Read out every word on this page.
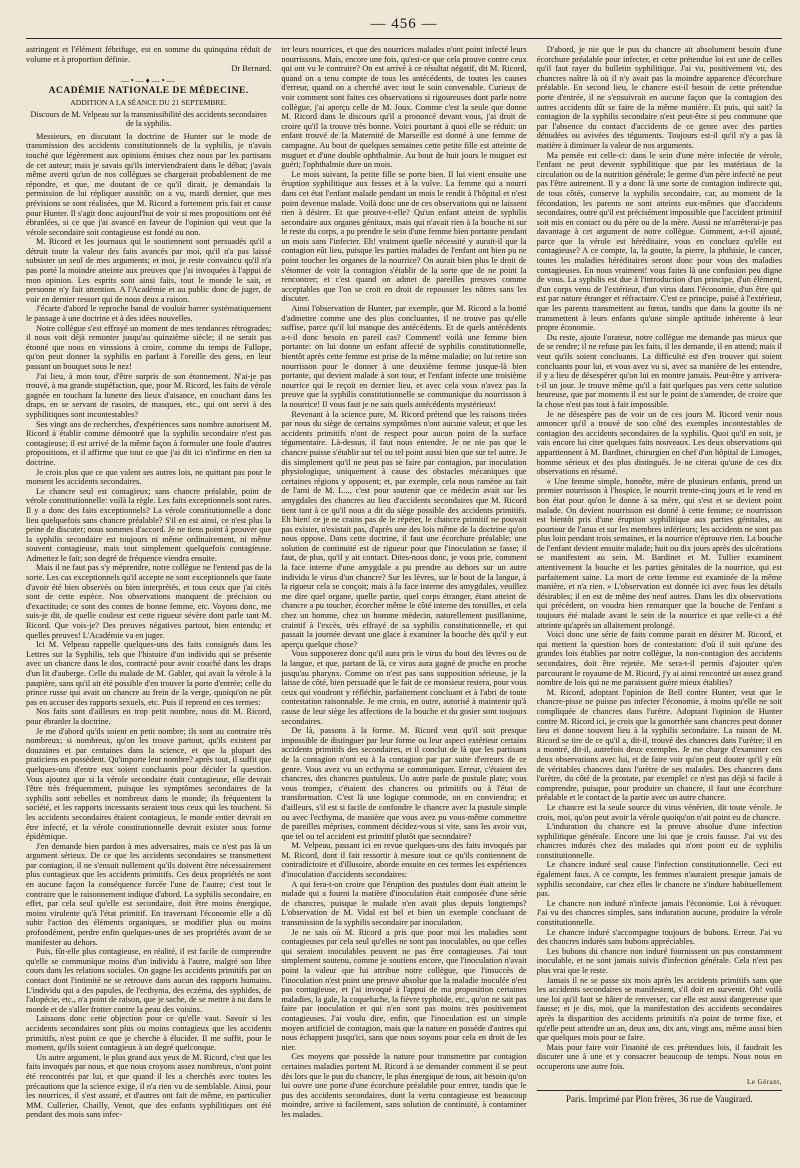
— 456 —

astringent et l'élément fébrifuge, est en somme du quinquina réduit de volume et à proportion définie.

Dr Bernard.
—•—♦—•—
ACADÉMIE NATIONALE DE MÉDECINE.
ADDITION A LA SÉANCE DU 21 SEPTEMBRE.
Discours de M. Velpeau sur la transmissibilité des accidents secondaires de la syphilis.

Messieurs, en discutant la doctrine de Hunter sur le mode de transmission des accidents constitutionnels de la syphilis, je n'avais touché que légèrement aux opinions émises chez nous par les partisans de cet auteur; mais je savais qu'ils interviendraient dans le débat; j'avais même averti qu'un de nos collègues se chargerait probablement de me répondre, et que, me doutant de ce qu'il dirait, je demandais la permission de lui répliquer aussitôt: on a vu, mardi dernier, que mes prévisions se sont réalisées, que M. Ricord a fortement pris fait et cause pour Hunter. Il s'agit donc aujourd'hui de voir si mes propositions ont été ébranlées, si ce que j'ai avancé en faveur de l'opinion qui veut que la vérole secondaire soit contagieuse est fondé ou non.

M. Ricord et les journaux qui le soutiennent sont persuadés qu'il a détruit toute la valeur des faits avancés par moi, qu'il n'a pas laissé subsister un seul de mes arguments; et moi, je reste convaincu qu'il n'a pas porté la moindre atteinte aux preuves que j'ai invoquées à l'appui de mon opinion. Les esprits sont ainsi faits, tout le monde le sait, et personne n'y fait attention. A l'Académie et au public donc de juger, de voir en dernier ressort qui de nous deux a raison.

J'écarte d'abord le reproche banal de vouloir barrer systématiquement le passage à une doctrine et à des idées nouvelles.

Notre collègue s'est effrayé un moment de mes tendances rétrogrades; il nous voit déjà remonter jusqu'au quinzième siècle; il ne serait pas étonné que nous en vinssions à croire, comme du temps de Fallope, qu'on peut donner la syphilis en parlant à l'oreille des gens, en leur passant un bouquet sous le nez!

J'ai lieu, à mon tour, d'être surpris de son étonnement. N'ai-je pas trouvé, à ma grande stupéfaction, que, pour M. Ricord, les faits de vérole gagnée en touchant la lunette des lieux d'aisance, en couchant dans les draps, en se servant de rasoirs, de masques, etc., qui ont servi à des syphilitiques sont incontestables?

Ses vingt ans de recherches, d'expériences sans nombre autorisent M. Ricord à établir comme démontré que la syphilis secondaire n'est pas contagieuse; il est arrivé de la même façon à formuler une foule d'autres propositions, et il affirme que tout ce que j'ai dit ici n'infirme en rien sa doctrine.

Je crois plus que ce que valent ses autres lois, ne quittant pas pour le moment les accidents secondaires.

Le chancre seul est contagieux; sans chancre préalable, point de vérole constitutionnelle: voilà la règle. Les faits exceptionnels sont rares. Il y a donc des faits exceptionnels? La vérole constitutionnelle a donc lieu quelquefois sans chancre préalable? S'il en est ainsi, ce n'est plus la peine de discuter; nous sommes d'accord. Je ne tiens point à prouver que la syphilis secondaire est toujours ni même ordinairement, ni même souvent contagieuse, mais tout simplement quelquefois contagieuse. Admettez le fait; son degré de fréquence viendra ensuite.

Mais il ne faut pas s'y méprendre, notre collègue ne l'entend pas de la sorte. Les cas exceptionnels qu'il accepte ne sont exceptionnels que faute d'avoir été bien observés ou bien interprétés, et tous ceux que j'ai cités sont de cette espèce. Nos observations manquent de précision ou d'exactitude; ce sont des contes de bonne femme, etc. Voyons donc, me suis-je dit, de quelle couleur est cette rigueur sévère dont parle tant M. Ricord. Que vois-je? Des preuves négatives partout, bien entendu; et quelles preuves! L'Académie va en juger.

Ici M. Velpeau rappelle quelques-uns des faits consignés dans les Lettres sur la Syphilis, tels que l'histoire d'un individu qui se présente avec un chancre dans le dos, contracté pour avoir couché dans les draps d'un lit d'auberge. Celle du malade de M. Gabler, qui avait la vérole à la paupière, sans qu'il ait été possible d'en trouver la porte d'entrée; celle du prince russe qui avait un chancre au frein de la verge, quoiqu'on ne pût pas en accuser des rapports sexuels, etc. Puis il reprend en ces termes:

Nos faits sont d'ailleurs en trop petit nombre, nous dit M. Ricord, pour ébranler la doctrine.

Je me d'abord qu'ils soient en petit nombre; ils sont au contraire très nombreux; si nombreux, qu'on les trouve partout, qu'ils existent par douzaines et par centaines dans la science, et que la plupart des praticiens en possèdent. Qu'importe leur nombre? après tout, il suffit que quelques-uns d'entre eux soient concluants pour décider la question. Vous ajoutez que si la vérole secondaire était contagieuse, elle devrait l'être très fréquemment, puisque les symptômes secondaires de la syphilis sont rebelles et nombreux dans le monde; ils fréquentent la société, et les rapports incessants seraient tous ceux qui les touchent. Si les accidents secondaires étaient contagieux, le monde entier devrait en être infecté, et la vérole constitutionnelle devrait exister sous forme épidémique.

J'en demande bien pardon à mes adversaires, mais ce n'est pas là un argument sérieux. De ce que les accidents secondaires se transmettent par contagion, il ne s'ensuit nullement qu'ils doivent être nécessairement plus contagieux que les accidents primitifs. Ces deux propriétés ne sont en aucune façon la conséquence forcée l'une de l'autre; c'est tout le contraire que le raisonnement indique d'abord. La syphilis secondaire, en effet, par cela seul qu'elle est secondaire, doit être moins énergique, moins virulente qu'à l'état primitif. En traversant l'économie elle a dû subir l'action des éléments organiques, se modifier plus ou moins profondément, perdre enfin quelques-unes de ses propriétés avant de se manifester au dehors.

Puis, fût-elle plus contagieuse, en réalité, il est facile de comprendre qu'elle se communique moins d'un individu à l'autre, malgré son libre cours dans les relations sociales. On gagne les accidents primitifs par un contact dont l'intimité ne se retrouve dans aucun des rapports humains. L'individu qui a des papules, de l'ecthyma, des eczéma, des syphides, de l'alopécie, etc., n'a point de raison, que je sache, de se mettre à nu dans le monde et de s'aller frotter contre la peau des voisins.

Laissons donc cette objection pour ce qu'elle vaut. Savoir si les accidents secondaires sont plus ou moins contagieux que les accidents primitifs, n'est point ce que je cherche à élucider. Il me suffit, pour le moment, qu'ils soient contagieux à un degré quelconque.

Un autre argument, le plus grand aux yeux de M. Ricord, c'est que les faits invoqués par nous, et que nous croyons assez nombreux, n'ont point été rencontrés par lui, et que quand il les a cherchés avec toutes les précautions que la science exige, il n'a rien vu de semblable. Ainsi, pour les nourrices, il s'est assuré, et d'autres ont fait de même, en particulier MM. Cullerier, Chailly, Venot, que des enfants syphilitiques ont été pendant des mois sans infec-

ter leurs nourrices, et que des nourrices malades n'ont point infecté leurs nourrissons. Mais, encore une fois, qu'est-ce que cela prouve contre ceux qui ont vu le contraire? On est arrivé à ce résultat négatif, dit M. Ricord, quand on a tenu compte de tous les antécédents, de toutes les causes d'erreur, quand on a cherché avec tout le soin convenable. Curieux de voir comment sont faites ces observations si rigoureuses dont parle notre collègue, j'ai aperçu celle de M. Joux. Comme c'est la seule que donne M. Ricord dans le discours qu'il a prononcé devant vous, j'ai droit de croire qu'il la trouve très bonne. Voici pourtant à quoi elle se réduit: un enfant trouvé de la Maternité de Marseille est donné à une femme de campagne. Au bout de quelques semaines cette petite fille est atteinte de muguet et d'une double ophthalmie. Au bout de huit jours le muguet est guéri; l'ophthalmie dure un mois.

Le mois suivant, la petite fille se porte bien. Il lui vient ensuite une éruption syphilitique aux fesses et à la vulve. La femme qui a nourri dans cet état l'enfant malade pendant un mois le rendit à l'hôpital et n'est point devenue malade. Voilà donc une de ces observations qui ne laissent rien à désirer. Et que prouve-t-elle? Qu'un enfant atteint de syphilis secondaire aux organes génitaux, mais qui n'avait rien à la bouche ni sur le reste du corps, a pu prendre le sein d'une femme bien portante pendant un mois sans l'infecter. Eh! vraiment quelle nécessité y aurait-il que la contagion eût lieu, puisque les parties malades de l'enfant ont bien pu ne point toucher les organes de la nourrice? On aurait bien plus le droit de s'étonner de voir la contagion s'établir de la sorte que de ne point la rencontrer; et c'est quand on admet de pareilles preuves comme acceptables que l'on se croit en droit de repousser les nôtres sans les discuter.

Ainsi l'observation de Hunter, par exemple, que M. Ricord a la bonté d'admettre comme une des plus concluantes, il ne trouve pas qu'elle suffise, parce qu'il lui manque des antécédents. Et de quels antécédents a-t-il donc besoin en pareil cas? Comment! voilà une femme bien portante: on lui donne un enfant affecté de syphilis constitutionnelle, bientôt après cette femme est prise de la même maladie; on lui retire son nourrisson pour le donner à une deuxième femme jusque-là bien portante, qui devient malade à son tour, et l'enfant infecte une troisième nourrice qui le reçoit en dernier lieu, et avec cela vous n'avez pas la preuve que la syphilis constitutionnelle se communique du nourrisson à la nourrice! Il vous faut je ne sais quels antécédents mystérieux!

Revenant à la science pure, M. Ricord prétend que les raisons tirées par nous du siège de certains symptômes n'ont aucune valeur, et que les accidents primitifs n'ont de respect pour aucun point de la surface tégumentaire. Là-dessus, il faut nous entendre. Je ne nie pas que le chancre puisse s'établir sur tel ou tel point aussi bien que sur tel autre. Je dis simplement qu'il ne peut pas se faire par contagion, par inoculation physiologique, uniquement à cause des obstacles mécaniques que certaines régions y opposent; et, par exemple, cela nous ramène au fait de l'ami de M. L..., c'est pour soutenir que ce médecin avait sur les amygdales des chancres au lieu d'accidents secondaires que M. Ricord tient tant à ce qu'il nous a dit du siège possible des accidents primitifs. Eh bien! ce je ne crains pas de le répéter, le chancre primitif ne pouvait pas exister, n'existait pas, d'après une des lois même de la doctrine qu'on nous oppose. Dans cette doctrine, il faut une écorchure préalable; une solution de continuité est de rigueur pour que l'inoculation se fasse; il faut, de plus, qu'il y ait contact. Dites-nous donc, je vous prie, comment la face interne d'une amygdale a pu prendre au dehors sur un autre individu le virus d'un chancre? Sur les lèvres, sur le bout de la langue, à la rigueur cela se conçoit; mais à la face interne des amygdales, veuillez me dire quel organe, quelle partie, quel corps étranger, étant atteint de chancre a pu toucher, écorcher même le côté interne des tonsilles, et cela chez un homme, chez un homme médecin, naturellement pusillanime, craintif à l'excès, très effrayé de sa syphilis constitutionnelle, et qui passait la journée devant une glace à examiner la bouche dès qu'il y eut aperçu quelque chose?

Vous supposerez donc qu'il aura pris le virus du bout des lèvres ou de la langue, et que, partant de là, ce virus aura gagné de proche en proche jusqu'au pharynx. Comme on n'est pas sans supposition sérieuse, je la laisse de côté, bien persuadé que le fait de ce monsieur restera, pour vous ceux qui voudront y réfléchir, parfaitement concluant et à l'abri de toute contestation raisonnable. Je me crois, en outre, autorisé à maintenir qu'à cause de leur siège les affections de la bouche et du gosier sont toujours secondaires.

De là, passons à la forme. M. Ricord veut qu'il soit presque impossible de distinguer par leur forme ou leur aspect extérieur certains accidents primitifs des secondaires, et il conclut de là que les partisans de la contagion n'ont eu à la contagion par par suite d'erreurs de ce genre. Vous avez vu un ecthyma se communiquer. Erreur, c'étaient des chancres, des chancres pustuleux. Un autre parle de pustule plate; vous vous trompez, c'étaient des chancres ou primitifs ou à l'état de transformation. C'est là une logique commode, on en conviendra; et d'ailleurs, s'il est si facile de confondre le chancre avec la pustule simple ou avec l'ecthyma, de manière que vous avez pu vous-même commettre de pareilles méprises, comment décidez-vous si vite, sans les avoir vus, que tel ou tel accident est primitif plutôt que secondaire?

M. Velpeau, passant ici en revue quelques-uns des faits invoqués par M. Ricord, dont il fait ressortir à mesure tout ce qu'ils contiennent de contradictoire et d'illusoire, aborde ensuite en ces termes les expériences d'inoculation d'accidents secondaires:

A qui fera-t-on croire que l'éruption des pustules dont était atteint le malade qui a fourni la matière d'inoculation était composée d'une série de chancres, puisque le malade n'en avait plus depuis longtemps? L'observation de M. Vidal est bel et bien un exemple concluant de transmission de la syphilis secondaire par inoculation.

Je ne sais où M. Ricord a pris que pour moi les maladies sont contagieuses par cela seul qu'elles ne sont pas inoculables, ou que celles qui seraient inoculables peuvent ne pas être contagieuses. J'ai tout simplement soutenu, comme je soutiens encore, que l'inoculation n'avait point la valeur que lui attribue notre collègue, que l'insuccès de l'inoculation n'est point une preuve absolue que la maladie inoculée n'est pas contagieuse, et j'ai invoqué à l'appui de ma proposition certaines maladies, la gale, la coqueluche, la fièvre typhoïde, etc., qu'on ne sait pas faire par inoculation et qui n'en sont pas moins très positivement contagieuses. J'ai voulu dire, enfin, que l'inoculation est un simple moyen artificiel de contagion, mais que la nature en possède d'autres qui nous échappent jusqu'ici, sans que nous soyons pour cela en droit de les nier.

Ces moyens que possède la nature pour transmettre par contagion certaines maladies portent M. Ricord à se demander comment il se peut dès lors que le pus du chancre, le plus énergique de tous, ait besoin qu'on lui ouvre une porte d'une écorchure préalable pour entrer, tandis que le pus des accidents secondaires, dont la vertu contagieuse est beaucoup moindre, arrive si facilement, sans solution de continuité, à contaminer les malades.

D'abord, je nie que le pus du chancre ait absolument besoin d'une écorchure préalable pour infecter, et cette prétendue loi est une de celles qu'il faut rayer du bulletin syphilitique. J'ai vu, positivement vu, des chancres naître là où il n'y avait pas la moindre apparence d'écorchure préalable. En second lieu, le chancre est-il besoin de cette prétendue porte d'entrée, il ne s'ensuivrait en aucune façon que la contagion des autres accidents dût se faire de la même manière. Et puis, qui sait? la contagion de la syphilis secondaire n'est peut-être si peu commune que par l'absence du contact d'accidents de ce genre avec des parties dénudées ou avivées des téguments. Toujours est-il qu'il n'y a pas là matière à diminuer la valeur de nos arguments.

Ma pensée est celle-ci: dans le sein d'une mère infectée de vérole, l'enfant ne peut devenir syphilitique que par les matériaux de la circulation ou de la nutrition générale; le germe d'un père infecté ne peut pas l'être autrement. Il y a donc là une sorte de contagion indirecte qui, de tous côtés, conserve la syphilis secondaire, car, au moment de la fécondation, les parents ne sont atteints eux-mêmes que d'accidents secondaires, outre qu'il est précisément impossible que l'accident primitif soit mis en contact ou du père ou de la mère. Aussi ne m'arrêterai-je pas davantage à cet argument de notre collègue. Comment, a-t-il ajouté, parce que la vérole est héréditaire, vous en concluez qu'elle est contagieuse? A ce compte, la, la goutte, la pierre, la phthisie, le cancer, toutes les maladies héréditaires seront donc pour vous des maladies contagieuses. En nous vraiment! vous faites là une confusion peu digne de vous. La syphilis est due à l'introduction d'un principe, d'un élément, d'un corps venu de l'extérieur, d'un virus dans l'économie, d'un être qui est par nature étranger et réfractaire. C'est ce principe, puisé à l'extérieur, que les parents transmettent au fœtus, tandis que dans la goutte ils ne transmettent à leurs enfants qu'une simple aptitude inhérente à leur propre économie.

Du reste, ajoute l'orateur, notre collègue me demande pas mieux que de se rendre; il ne refuse pas les faits, il les demande, il en attend; mais il veut qu'ils soient concluants. La difficulté est d'en trouver qui soient concluants pour lui, et vous avez vu si, avec sa manière de les entendre, il y a lieu de désespérer qu'on lui en montre jamais. Peut-être y arrivera-t-il un jour. Je trouve même qu'il a fait quelques pas vers cette solution heureuse, que par moments il est sur le point de s'amender, de croire que la chose n'est pas tout à fait impossible.

Je ne désespère pas de voir un de ces jours M. Ricord venir nous annoncer qu'il a trouvé de son côté des exemples incontestables de contagion des accidents secondaires de la syphilis. Quoi qu'il en soit, je vais encore lui citer quelques faits nouveaux. Les deux observations qui appartiennent à M. Bardinet, chirurgien en chef d'un hôpital de Limoges, homme sérieux et des plus distingués. Je ne citerai qu'une de ces dix observations en résumé.

« Une femme simple, honnête, mère de plusieurs enfants, prend un premier nourrisson à l'hospice, le nourrit trente-cinq jours et le rend en bon état pour qu'on le donne à sa mère, qui s'est et se devient point malade. On devient nourrisson est donné à cette femme; ce nourrisson est bientôt pris d'une éruption syphilitique aux parties génitales, au pourtour de l'anus et sur les membres inférieurs; les accidents ne sont pas plus loin pendant trois semaines, et la nourrice n'éprouve rien. La bouche de l'enfant devient ensuite malade; huit ou dix jours après des ulcérations se manifestent au sein. M. Bardinet et M. Tullier examinent attentivement la bouche et les parties génitales de la nourrice, qui est parfaitement saine. La mort de cette femme est examinée de la même manière, et n'a rien. » L'observation est donnée ici avec fous les détails désirables; il en est de même des neuf autres. Dans les dix observations qui précèdent, on voudra bien remarquer que la bouche de l'enfant a toujours été malade avant le sein de la nourrice et que celle-ci a été atteinte qu'après un allaitement prolongé.

Voici donc une série de faits comme parait en désirer M. Ricord, et qui mettent la question hors de contestation: d'où il suit qu'une des grandes lois établies par notre collègue, la non-contagion des accidents secondaires, doit être rejetée. Me sera-t-il permis d'ajouter qu'en parcourant le royaume de M. Ricord, j'y ai ainsi rencontré un assez grand nombre de lois qui ne me paraissent guère mieux établies?

M. Ricord, adoptant l'opinion de Bell contre Hunter, veut que le chancre-pisse ne puisse pas infecter l'économie, à moins qu'elle ne soit compliquée de chancres dans l'urètre. Adoptant l'opinion de Hunter contre M. Ricord ici, je crois que la gonorrhée sans chancres peut donner lieu et donne souvent lieu à la syphilis secondaire. La raison de M. Ricord se tire de ce qu'il a, dit-il, trouvé des chancres dans l'urètre; il en a montré, dit-il, autrefois deux exemples. Je me charge d'examiner ces deux observations avec lui, et de faire voir qu'on peut douter qu'il y eût de véritables chancres dans l'urètre de ses malades. Des chancres dans l'urètre, du côté de la prostate, par exemple! ce n'est pas déjà si facile à comprendre, puisque, pour produire un chancre, il faut une écorchure préalable et le contact de la partie avec un autre chancre.

Le chancre est la seule source du virus vénérien, dit toute vérole. Je crois, moi, qu'on peut avoir la vérole quoiqu'on n'ait point eu de chancre.

L'induration du chancre est la preuve absolue d'une infection syphilitique générale. Encore une loi que je crois fausse. J'ai vu des chancres indurés chez des malades qui n'ont point eu de syphilis constitutionnelle.

Le chancre induré seul cause l'infection constitutionnelle. Ceci est également faux. A ce compte, les femmes n'auraient presque jamais de syphilis secondaire, car chez elles le chancre ne s'indure habituellement pas.

Le chancre non induré n'infecte jamais l'économie. Loi à révoquer. J'ai vu des chancres simples, sans induration aucune, produire la vérole constitutionnelle.

Le chancre induré s'accompagne toujours de bubons. Erreur. J'ai vu des chancres indurés sans bubons appréciables.

Les bubons du chancre non induré fournissent un pus constamment inoculable, et ne sont jamais suivis d'infection générale. Cela n'est pas plus vrai que le reste.

Jamais il ne se passe six mois après les accidents primitifs sans que les accidents secondaires se manifestent, s'il doit en survenir. Oh! voilà une loi qu'il faut se hâter de renverser, car elle est aussi dangereuse que fausse; et je dis, moi, que la manifestation des accidents secondaires après la disparition des accidents primitifs n'a point de terme fixe, et qu'elle peut attendre un an, deux ans, dix ans, vingt ans, même aussi bien que quelques mois pour se faire.

Mais pour faire voir l'inanité de ces prétendues lois, il faudrait les discuter une à une et y consacrer beaucoup de temps. Nous nous en occuperons une autre fois.

Le Gérant,
Paris. Imprimé par Plon frères, 36 rue de Vaugirard.
